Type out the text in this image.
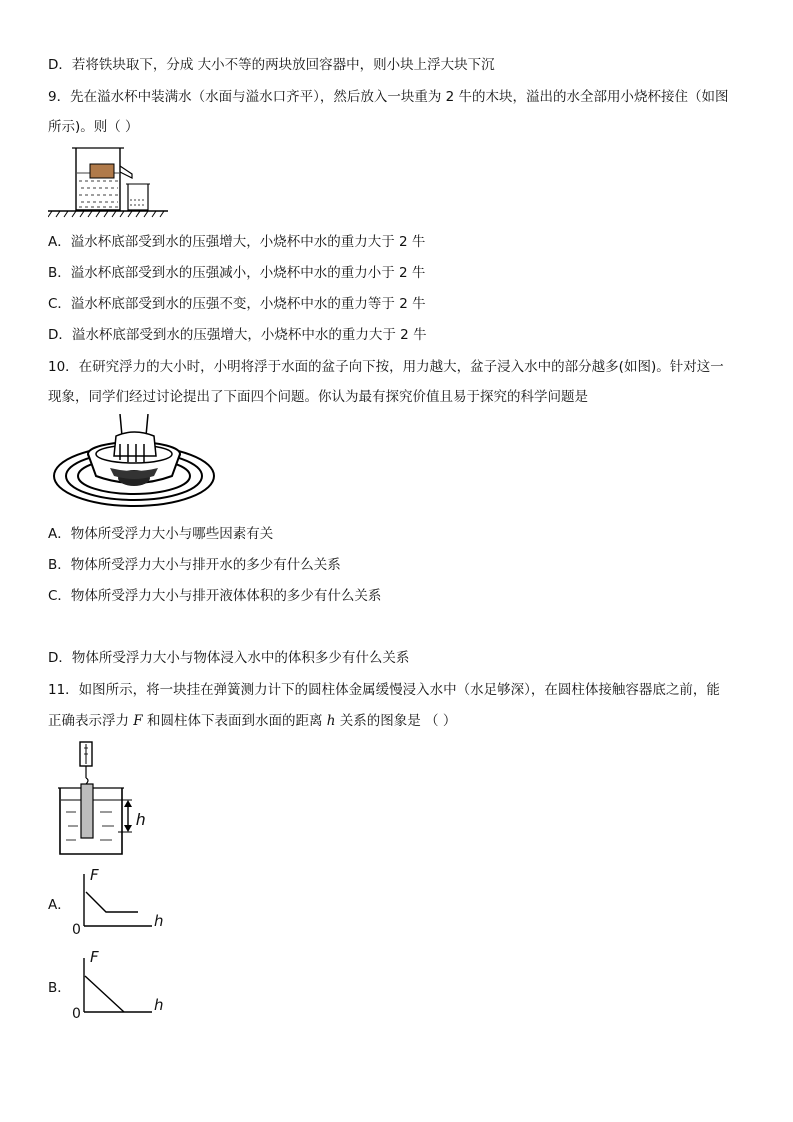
D．若将铁块取下，分成 大小不等的两块放回容器中，则小块上浮大块下沉
9．先在溢水杯中装满水（水面与溢水口齐平），然后放入一块重为 2 牛的木块，溢出的水全部用小烧杯接住（如图
所示)。则（ ）
A．溢水杯底部受到水的压强增大，小烧杯中水的重力大于 2 牛
B．溢水杯底部受到水的压强减小，小烧杯中水的重力小于 2 牛
C．溢水杯底部受到水的压强不变，小烧杯中水的重力等于 2 牛
D．溢水杯底部受到水的压强增大，小烧杯中水的重力大于 2 牛
10．在研究浮力的大小时，小明将浮于水面的盆子向下按，用力越大，盆子浸入水中的部分越多(如图)。针对这一
现象，同学们经过讨论提出了下面四个问题。你认为最有探究价值且易于探究的科学问题是
A．物体所受浮力大小与哪些因素有关
B．物体所受浮力大小与排开水的多少有什么关系
C．物体所受浮力大小与排开液体体积的多少有什么关系
D．物体所受浮力大小与物体浸入水中的体积多少有什么关系
11．如图所示，将一块挂在弹簧测力计下的圆柱体金属缓慢浸入水中（水足够深），在圆柱体接触容器底之前，能
正确表示浮力 F 和圆柱体下表面到水面的距离 h 关系的图象是 （ ）
h
A．
F
h
0
B．
F
h
0
